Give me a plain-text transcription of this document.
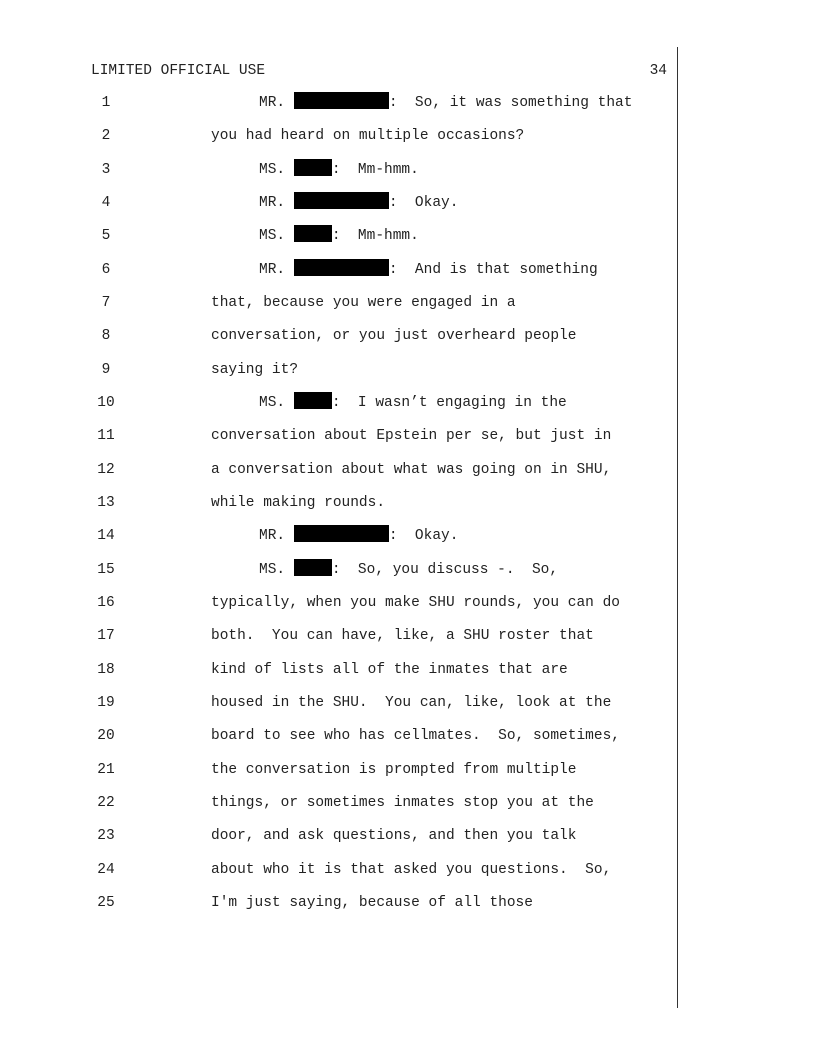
LIMITED OFFICIAL USE	34
1	MR.	:  So, it was something that
2	you had heard on multiple occasions?
3	MS.	:  Mm-hmm.
4	MR.	:  Okay.
5	MS.	:  Mm-hmm.
6	MR.	:  And is that something
7	that, because you were engaged in a
8	conversation, or you just overheard people
9	saying it?
10	MS.	:  I wasn’t engaging in the
11	conversation about Epstein per se, but just in
12	a conversation about what was going on in SHU,
13	while making rounds.
14	MR.	:  Okay.
15	MS.	:  So, you discuss -.  So,
16	typically, when you make SHU rounds, you can do
17	both.  You can have, like, a SHU roster that
18	kind of lists all of the inmates that are
19	housed in the SHU.  You can, like, look at the
20	board to see who has cellmates.  So, sometimes,
21	the conversation is prompted from multiple
22	things, or sometimes inmates stop you at the
23	door, and ask questions, and then you talk
24	about who it is that asked you questions.  So,
25	I'm just saying, because of all those
